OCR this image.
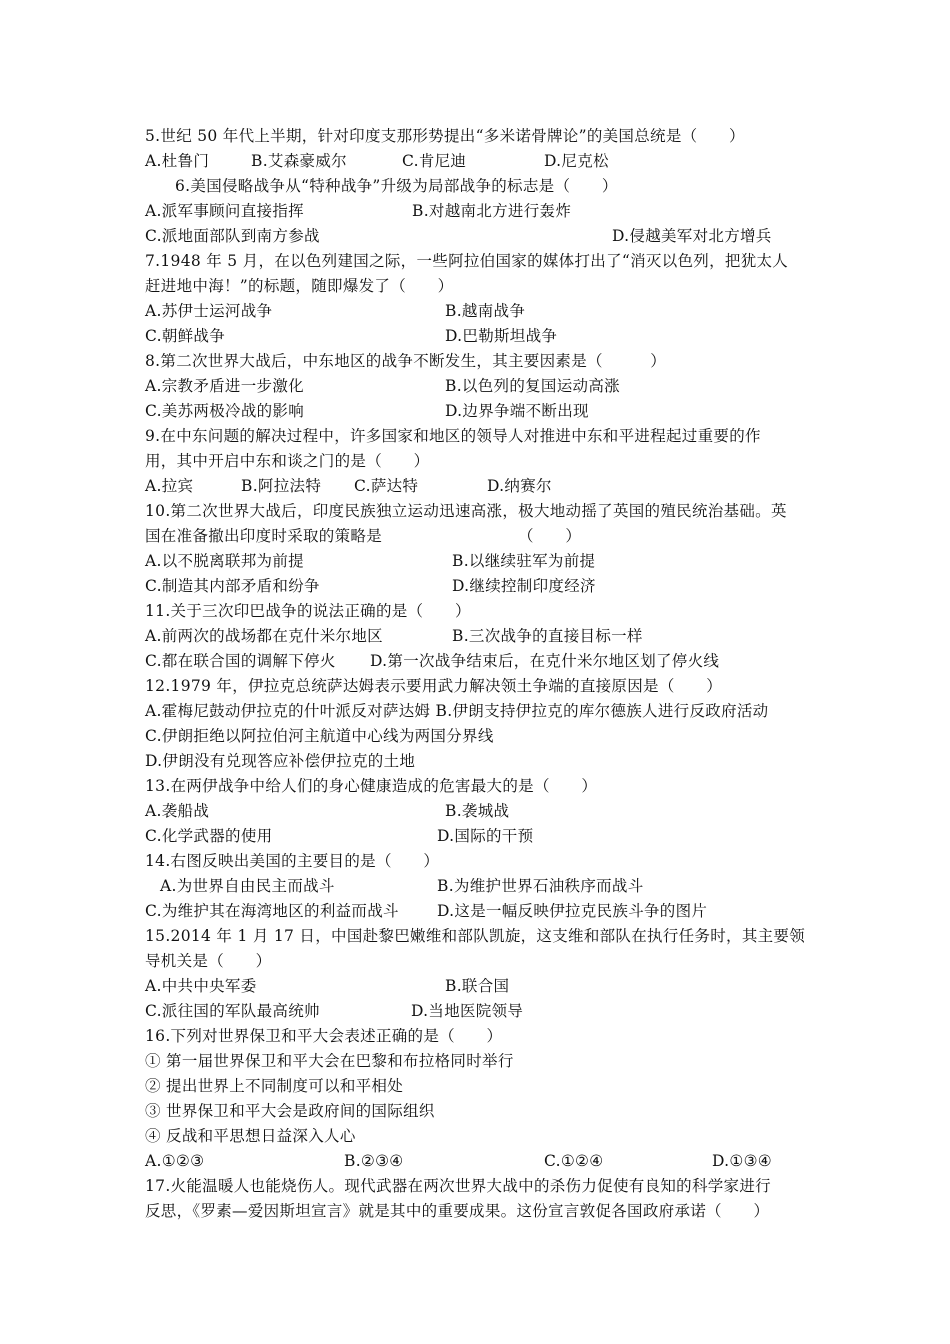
5.世纪 50 年代上半期，针对印度支那形势提出“多米诺骨牌论”的美国总统是（　　）
A.杜鲁门	B.艾森豪威尔	C.肯尼迪	D.尼克松
6.美国侵略战争从“特种战争”升级为局部战争的标志是（　　）
A.派军事顾问直接指挥	B.对越南北方进行轰炸
C.派地面部队到南方参战	D.侵越美军对北方增兵
7.1948 年 5 月，在以色列建国之际，一些阿拉伯国家的媒体打出了“消灭以色列，把犹太人
赶进地中海！”的标题，随即爆发了（　　）
A.苏伊士运河战争	B.越南战争
C.朝鲜战争	D.巴勒斯坦战争
8.第二次世界大战后，中东地区的战争不断发生，其主要因素是（　　　）
A.宗教矛盾进一步激化	B.以色列的复国运动高涨
C.美苏两极冷战的影响	D.边界争端不断出现
9.在中东问题的解决过程中，许多国家和地区的领导人对推进中东和平进程起过重要的作
用，其中开启中东和谈之门的是（　　）
A.拉宾	B.阿拉法特 C.萨达特	D.纳赛尔
10.第二次世界大战后，印度民族独立运动迅速高涨，极大地动摇了英国的殖民统治基础。英
国在准备撤出印度时采取的策略是	（　　）
A.以不脱离联邦为前提	B.以继续驻军为前提
C.制造其内部矛盾和纷争	D.继续控制印度经济
11.关于三次印巴战争的说法正确的是（　　）
A.前两次的战场都在克什米尔地区	B.三次战争的直接目标一样
C.都在联合国的调解下停火 D.第一次战争结束后，在克什米尔地区划了停火线
12.1979 年，伊拉克总统萨达姆表示要用武力解决领土争端的直接原因是（　　）
A.霍梅尼鼓动伊拉克的什叶派反对萨达姆 B.伊朗支持伊拉克的库尔德族人进行反政府活动
C.伊朗拒绝以阿拉伯河主航道中心线为两国分界线
D.伊朗没有兑现答应补偿伊拉克的土地
13.在两伊战争中给人们的身心健康造成的危害最大的是（　　）
A.袭船战	B.袭城战
C.化学武器的使用	D.国际的干预
14.右图反映出美国的主要目的是（　　）
A.为世界自由民主而战斗	B.为维护世界石油秩序而战斗
C.为维护其在海湾地区的利益而战斗 D.这是一幅反映伊拉克民族斗争的图片
15.2014 年 1 月 17 日，中国赴黎巴嫩维和部队凯旋，这支维和部队在执行任务时，其主要领
导机关是（　　）
A.中共中央军委	B.联合国
C.派往国的军队最高统帅	D.当地医院领导
16.下列对世界保卫和平大会表述正确的是（　　）
① 第一届世界保卫和平大会在巴黎和布拉格同时举行
② 提出世界上不同制度可以和平相处
③ 世界保卫和平大会是政府间的国际组织
④ 反战和平思想日益深入人心
A.①②③	B.②③④	C.①②④	D.①③④
17.火能温暖人也能烧伤人。现代武器在两次世界大战中的杀伤力促使有良知的科学家进行
反思，《罗素—爱因斯坦宣言》就是其中的重要成果。这份宣言敦促各国政府承诺（　　）
